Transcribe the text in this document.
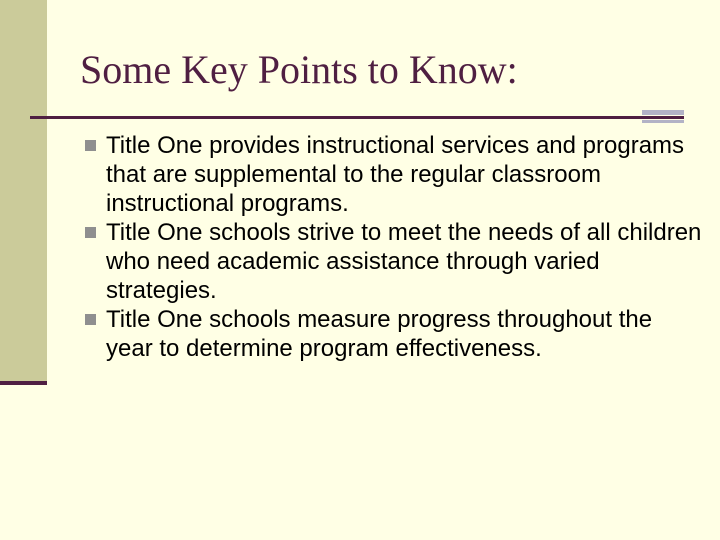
Some Key Points to Know:
Title One provides instructional services and programs that are supplemental to the regular classroom instructional programs.
Title One schools strive to meet the needs of all children who need academic assistance through varied strategies.
Title One schools measure progress throughout the year to determine program effectiveness.
